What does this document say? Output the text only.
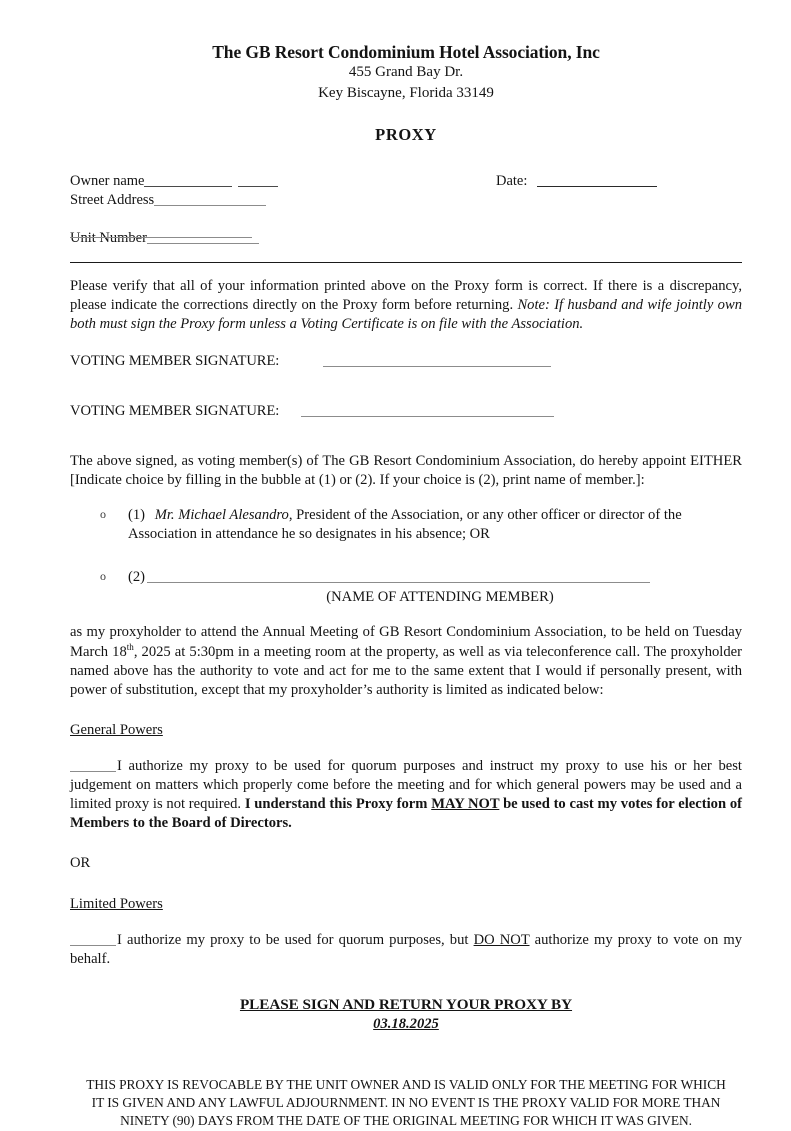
The GB Resort Condominium Hotel Association, Inc
455 Grand Bay Dr.
Key Biscayne, Florida 33149
PROXY
Owner name
Street Address
Unit Number
Date:

Please verify that all of your information printed above on the Proxy form is correct. If there is a discrepancy, please indicate the corrections directly on the Proxy form before returning. Note: If husband and wife jointly own both must sign the Proxy form unless a Voting Certificate is on file with the Association.

VOTING MEMBER SIGNATURE:
VOTING MEMBER SIGNATURE:

The above signed, as voting member(s) of The GB Resort Condominium Association, do hereby appoint EITHER [Indicate choice by filling in the bubble at (1) or (2). If your choice is (2), print name of member.]:

o (1) Mr. Michael Alesandro, President of the Association, or any other officer or director of the Association in attendance he so designates in his absence; OR
o (2)
(NAME OF ATTENDING MEMBER)

as my proxyholder to attend the Annual Meeting of GB Resort Condominium Association, to be held on Tuesday March 18th, 2025 at 5:30pm in a meeting room at the property, as well as via teleconference call. The proxyholder named above has the authority to vote and act for me to the same extent that I would if personally present, with power of substitution, except that my proxyholder’s authority is limited as indicated below:

General Powers

I authorize my proxy to be used for quorum purposes and instruct my proxy to use his or her best judgement on matters which properly come before the meeting and for which general powers may be used and a limited proxy is not required. I understand this Proxy form MAY NOT be used to cast my votes for election of Members to the Board of Directors.

OR
Limited Powers

I authorize my proxy to be used for quorum purposes, but DO NOT authorize my proxy to vote on my behalf.

PLEASE SIGN AND RETURN YOUR PROXY BY
03.18.2025
THIS PROXY IS REVOCABLE BY THE UNIT OWNER AND IS VALID ONLY FOR THE MEETING FOR WHICH
IT IS GIVEN AND ANY LAWFUL ADJOURNMENT. IN NO EVENT IS THE PROXY VALID FOR MORE THAN
NINETY (90) DAYS FROM THE DATE OF THE ORIGINAL MEETING FOR WHICH IT WAS GIVEN.
